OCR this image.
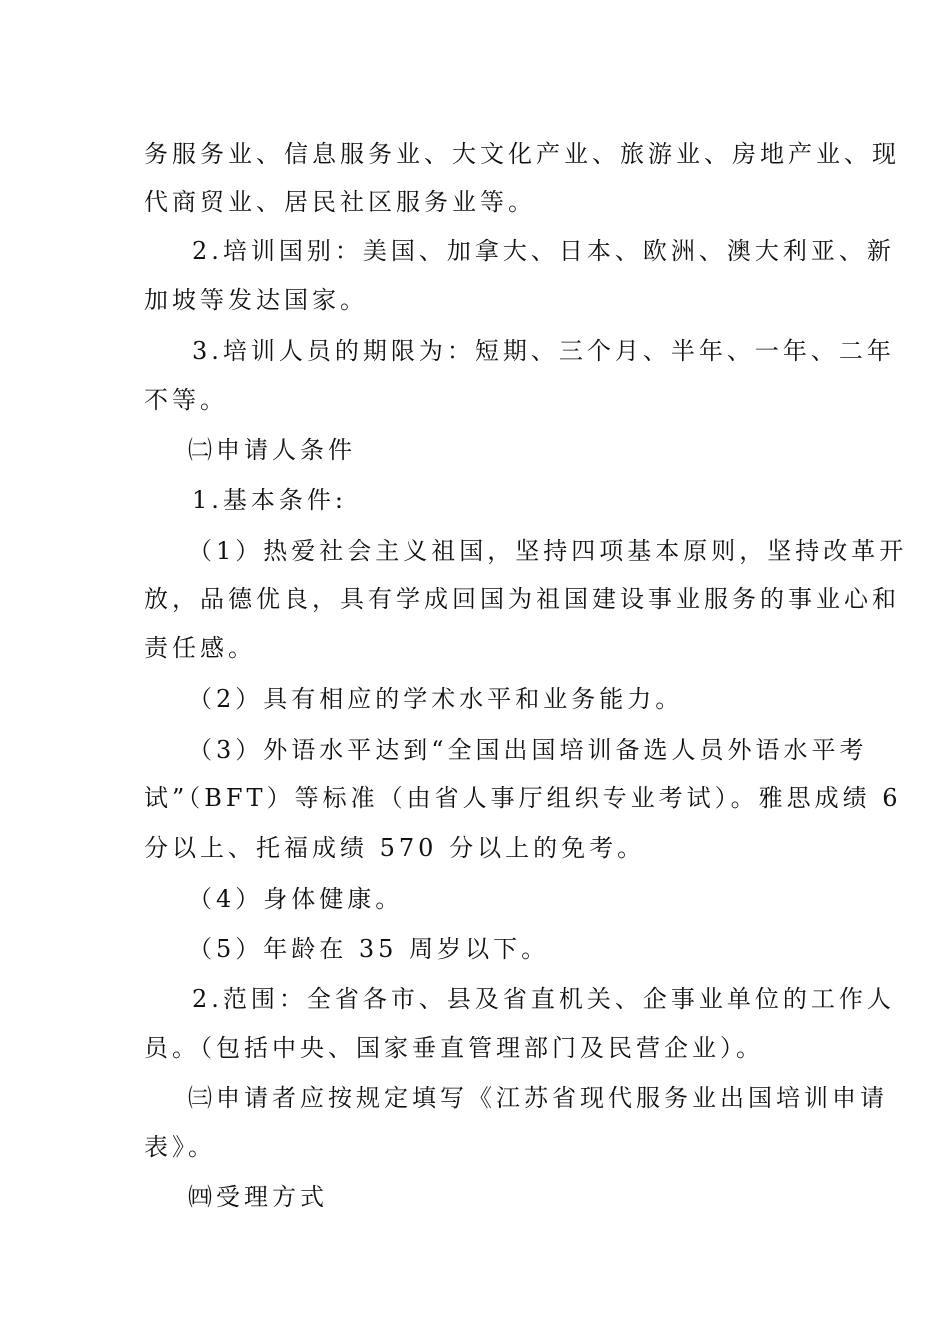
务服务业、信息服务业、大文化产业、旅游业、房地产业、现
代商贸业、居民社区服务业等。
2.培训国别：美国、加拿大、日本、欧洲、澳大利亚、新
加坡等发达国家。
3.培训人员的期限为：短期、三个月、半年、一年、二年
不等。
㈡申请人条件
1.基本条件:
（1）热爱社会主义祖国，坚持四项基本原则，坚持改革开
放，品德优良，具有学成回国为祖国建设事业服务的事业心和
责任感。
（2）具有相应的学术水平和业务能力。
（3）外语水平达到“全国出国培训备选人员外语水平考
试”（BFT）等标准（由省人事厅组织专业考试）。雅思成绩 6
分以上、托福成绩 570 分以上的免考。
（4）身体健康。
（5）年龄在 35 周岁以下。
2.范围：全省各市、县及省直机关、企事业单位的工作人
员。（包括中央、国家垂直管理部门及民营企业）。
㈢申请者应按规定填写《江苏省现代服务业出国培训申请
表》。
㈣受理方式
